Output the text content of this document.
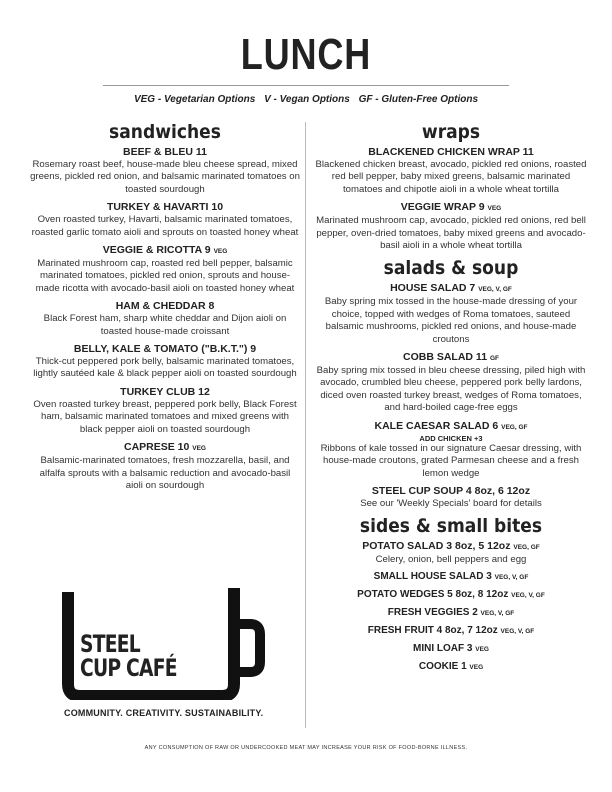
LUNCH
VEG - Vegetarian Options V - Vegan Options GF - Gluten-Free Options
sandwiches
BEEF & BLEU 11
Rosemary roast beef, house-made bleu cheese spread, mixed greens, pickled red onion, and balsamic marinated tomatoes on toasted sourdough
TURKEY & HAVARTI 10
Oven roasted turkey, Havarti, balsamic marinated tomatoes, roasted garlic tomato aioli and sprouts on toasted honey wheat
VEGGIE & RICOTTA 9 VEG
Marinated mushroom cap, roasted red bell pepper, balsamic marinated tomatoes, pickled red onion, sprouts and house-made ricotta with avocado-basil aioli on toasted honey wheat
HAM & CHEDDAR 8
Black Forest ham, sharp white cheddar and Dijon aioli on toasted house-made croissant
BELLY, KALE & TOMATO ("B.K.T.") 9
Thick-cut peppered pork belly, balsamic marinated tomatoes, lightly sautéed kale & black pepper aioli on toasted sourdough
TURKEY CLUB 12
Oven roasted turkey breast, peppered pork belly, Black Forest ham, balsamic marinated tomatoes and mixed greens with black pepper aioli on toasted sourdough
CAPRESE 10 VEG
Balsamic-marinated tomatoes, fresh mozzarella, basil, and alfalfa sprouts with a balsamic reduction and avocado-basil aioli on sourdough
STEEL
CUP CAFÉ
COMMUNITY. CREATIVITY. SUSTAINABILITY.
wraps
BLACKENED CHICKEN WRAP 11
Blackened chicken breast, avocado, pickled red onions, roasted red bell pepper, baby mixed greens, balsamic marinated tomatoes and chipotle aioli in a whole wheat tortilla
VEGGIE WRAP 9 VEG
Marinated mushroom cap, avocado, pickled red onions, red bell pepper, oven-dried tomatoes, baby mixed greens and avocado-basil aioli in a whole wheat tortilla
salads & soup
HOUSE SALAD 7 VEG, V, GF
Baby spring mix tossed in the house-made dressing of your choice, topped with wedges of Roma tomatoes, sauteed balsamic mushrooms, pickled red onions, and house-made croutons
COBB SALAD 11 GF
Baby spring mix tossed in bleu cheese dressing, piled high with avocado, crumbled bleu cheese, peppered pork belly lardons, diced oven roasted turkey breast, wedges of Roma tomatoes, and hard-boiled cage-free eggs
KALE CAESAR SALAD 6 VEG, GF
ADD CHICKEN +3
Ribbons of kale tossed in our signature Caesar dressing, with house-made croutons, grated Parmesan cheese and a fresh lemon wedge
STEEL CUP SOUP 4 8oz, 6 12oz
See our 'Weekly Specials' board for details
sides & small bites
POTATO SALAD 3 8oz, 5 12oz VEG, GF
Celery, onion, bell peppers and egg
SMALL HOUSE SALAD 3 VEG, V, GF
POTATO WEDGES 5 8oz, 8 12oz VEG, V, GF
FRESH VEGGIES 2 VEG, V, GF
FRESH FRUIT 4 8oz, 7 12oz VEG, V, GF
MINI LOAF 3 VEG
COOKIE 1 VEG
ANY CONSUMPTION OF RAW OR UNDERCOOKED MEAT MAY INCREASE YOUR RISK OF FOOD-BORNE ILLNESS.
